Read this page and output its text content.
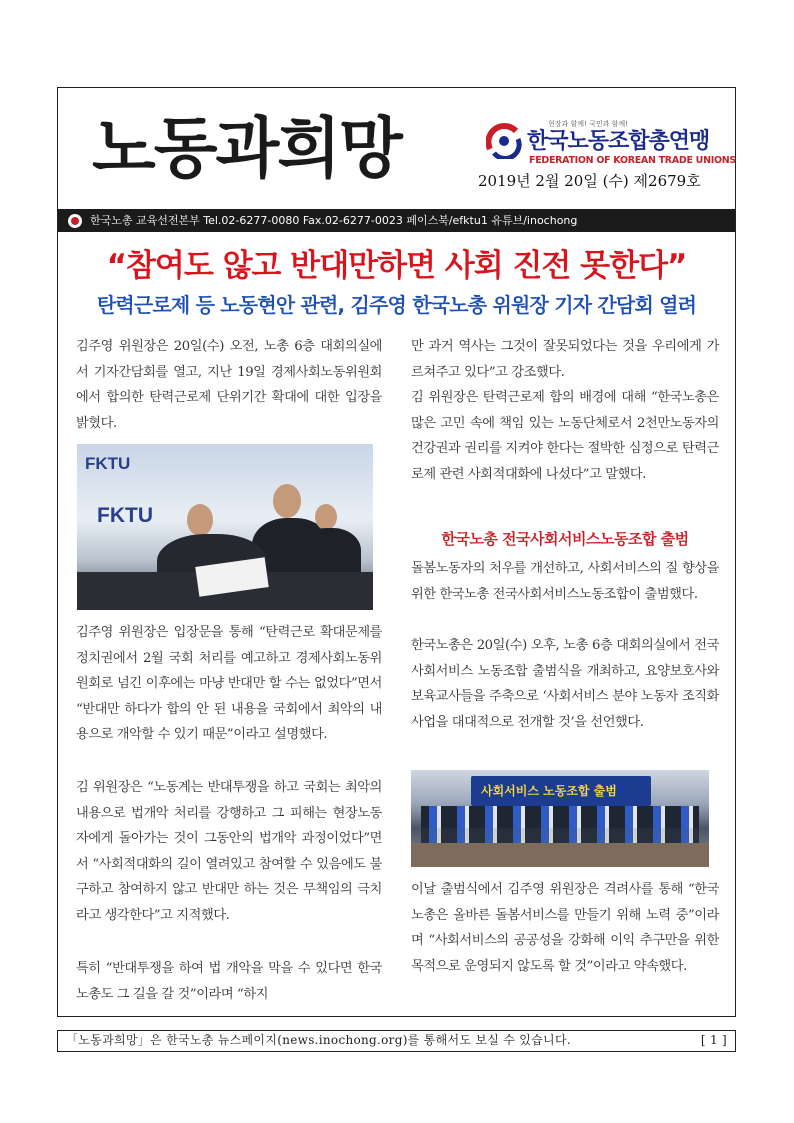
노동과희망	현장과 함께! 국민과 함께!
한국노동조합총연맹
FEDERATION OF KOREAN TRADE UNIONS
2019년 2월 20일 (수) 제2679호
한국노총 교육선전본부 Tel.02-6277-0080 Fax.02-6277-0023 페이스북/efktu1 유튜브/inochong
“참여도 않고 반대만하면 사회 진전 못한다”
탄력근로제 등 노동현안 관련, 김주영 한국노총 위원장 기자 간담회 열려

김주영 위원장은 20일(수) 오전, 노총 6층 대회의실에서 기자간담회를 열고, 지난 19일 경제사회노동위원회에서 합의한 탄력근로제 단위기간 확대에 대한 입장을 밝혔다.

FKTU
FKTU

김주영 위원장은 입장문을 통해 “탄력근로 확대문제를 정치권에서 2월 국회 처리를 예고하고 경제사회노동위원회로 넘긴 이후에는 마냥 반대만 할 수는 없었다”면서 “반대만 하다가 합의 안 된 내용을 국회에서 최악의 내용으로 개악할 수 있기 때문”이라고 설명했다.

김 위원장은 “노동계는 반대투쟁을 하고 국회는 최악의 내용으로 법개악 처리를 강행하고 그 피해는 현장노동자에게 돌아가는 것이 그동안의 법개악 과정이었다”면서 “사회적대화의 길이 열려있고 참여할 수 있음에도 불구하고 참여하지 않고 반대만 하는 것은 무책임의 극치라고 생각한다”고 지적했다.

특히 “반대투쟁을 하여 법 개악을 막을 수 있다면 한국노총도 그 길을 갈 것”이라며 “하지

만 과거 역사는 그것이 잘못되었다는 것을 우리에게 가르쳐주고 있다”고 강조했다.

김 위원장은 탄력근로제 합의 배경에 대해 “한국노총은 많은 고민 속에 책임 있는 노동단체로서 2천만노동자의 건강권과 권리를 지켜야 한다는 절박한 심정으로 탄력근로제 관련 사회적대화에 나섰다”고 말했다.

한국노총 전국사회서비스노동조합 출범

돌봄노동자의 처우를 개선하고, 사회서비스의 질 향상을 위한 한국노총 전국사회서비스노동조합이 출범했다.

한국노총은 20일(수) 오후, 노총 6층 대회의실에서 전국사회서비스 노동조합 출범식을 개최하고, 요양보호사와 보육교사들을 주축으로 ‘사회서비스 분야 노동자 조직화 사업을 대대적으로 전개할 것’을 선언했다.

사회서비스 노동조합 출범

이날 출범식에서 김주영 위원장은 격려사를 통해 “한국노총은 올바른 돌봄서비스를 만들기 위해 노력 중”이라며 “사회서비스의 공공성을 강화해 이익 추구만을 위한 목적으로 운영되지 않도록 할 것”이라고 약속했다.

「노동과희망」은 한국노총 뉴스페이지(news.inochong.org)를 통해서도 보실 수 있습니다.	[ 1 ]
